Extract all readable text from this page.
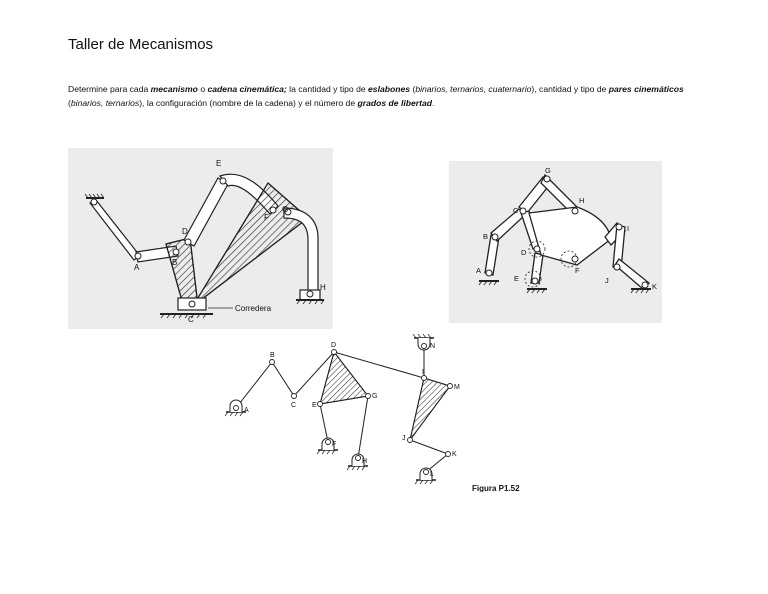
Taller de Mecanismos
Determine para cada mecanismo o cadena cinemática; la cantidad y tipo de eslabones (binarios, ternarios, cuaternario), cantidad y tipo de pares cinemáticos (binarios, ternarios), la configuración (nombre de la cadena) y el número de grados de libertad.
A
B
C
D
E
F
G
H
Corredera
A
B
C
D
E
F
G
H
I
J
K
A
B
C
D
E
F
G
H
I
J
K
L
M
N
Figura P1.52
